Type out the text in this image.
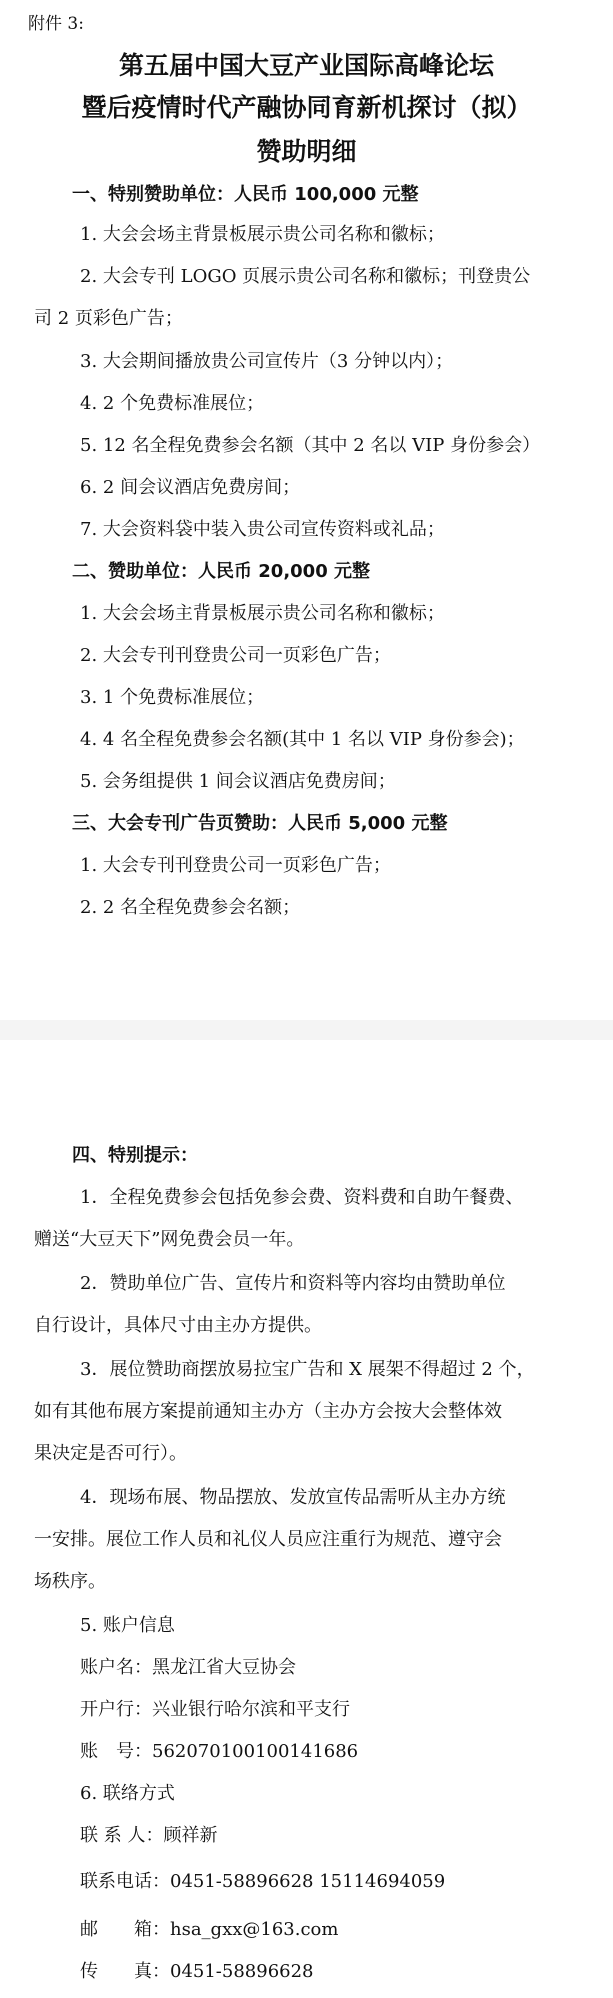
附件 3:
第五届中国大豆产业国际高峰论坛
暨后疫情时代产融协同育新机探讨（拟）
赞助明细
一、特别赞助单位：人民币 100,000 元整
1. 大会会场主背景板展示贵公司名称和徽标；
2. 大会专刊 LOGO 页展示贵公司名称和徽标；刊登贵公
司 2 页彩色广告；
3. 大会期间播放贵公司宣传片（3 分钟以内）；
4. 2 个免费标准展位；
5. 12 名全程免费参会名额（其中 2 名以 VIP 身份参会）
6. 2 间会议酒店免费房间；
7. 大会资料袋中装入贵公司宣传资料或礼品；
二、赞助单位：人民币 20,000 元整
1. 大会会场主背景板展示贵公司名称和徽标；
2. 大会专刊刊登贵公司一页彩色广告；
3. 1 个免费标准展位；
4. 4 名全程免费参会名额(其中 1 名以 VIP 身份参会)；
5. 会务组提供 1 间会议酒店免费房间；
三、大会专刊广告页赞助：人民币 5,000 元整
1. 大会专刊刊登贵公司一页彩色广告；
2. 2 名全程免费参会名额；
四、特别提示：
1．全程免费参会包括免参会费、资料费和自助午餐费、
赠送“大豆天下”网免费会员一年。
2．赞助单位广告、宣传片和资料等内容均由赞助单位
自行设计，具体尺寸由主办方提供。
3．展位赞助商摆放易拉宝广告和 X 展架不得超过 2 个，
如有其他布展方案提前通知主办方（主办方会按大会整体效
果决定是否可行）。
4．现场布展、物品摆放、发放宣传品需听从主办方统
一安排。展位工作人员和礼仪人员应注重行为规范、遵守会
场秩序。
5. 账户信息
账户名：黑龙江省大豆协会
开户行：兴业银行哈尔滨和平支行
账　号：562070100100141686
6. 联络方式
联 系 人：顾祥新
联系电话：0451-58896628 15114694059
邮　　箱：hsa_gxx@163.com
传　　真：0451-58896628
